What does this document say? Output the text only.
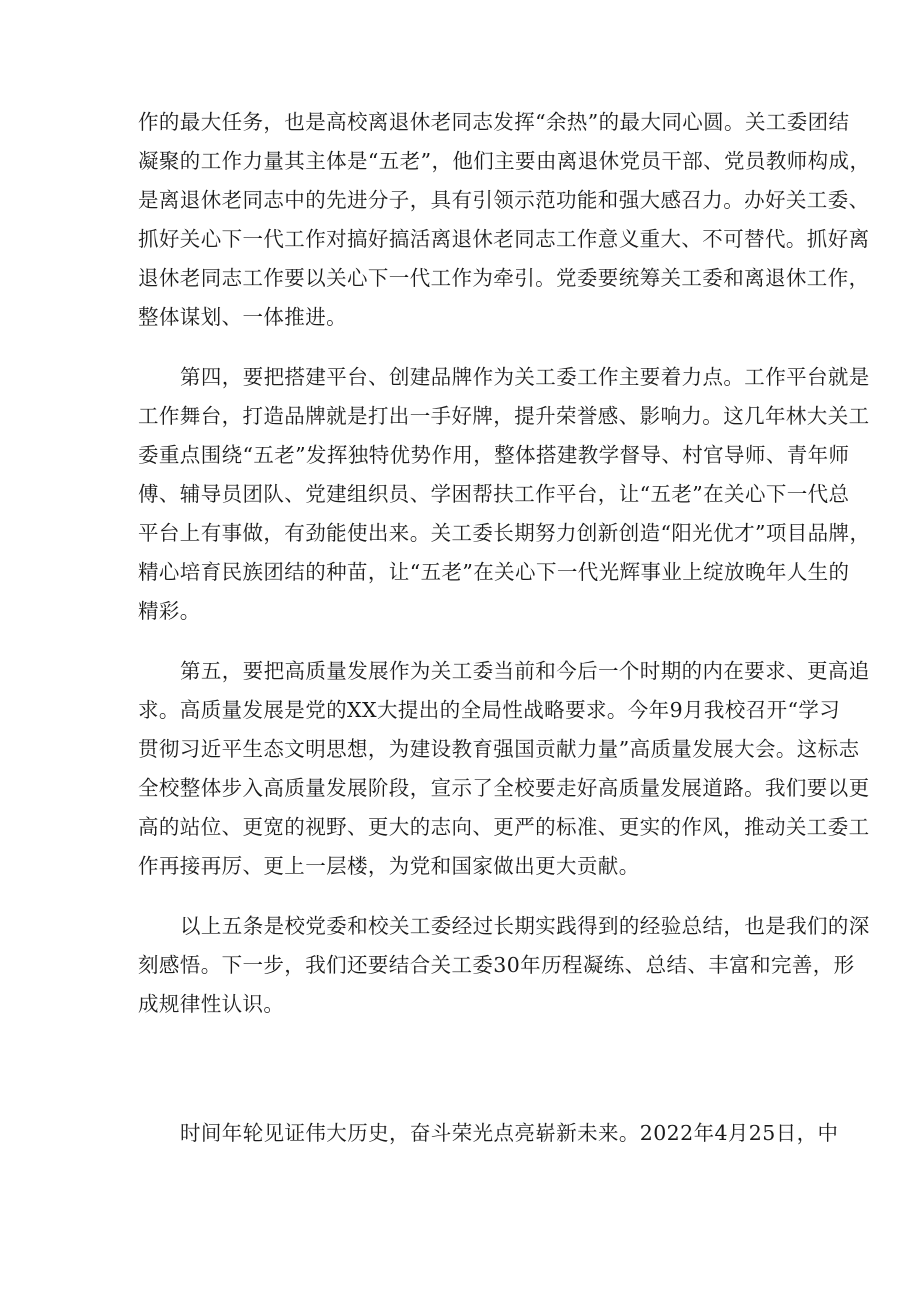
作的最大任务，也是高校离退休老同志发挥“余热”的最大同心圆。关工委团结
凝聚的工作力量其主体是“五老”，他们主要由离退休党员干部、党员教师构成，
是离退休老同志中的先进分子，具有引领示范功能和强大感召力。办好关工委、
抓好关心下一代工作对搞好搞活离退休老同志工作意义重大、不可替代。抓好离
退休老同志工作要以关心下一代工作为牵引。党委要统筹关工委和离退休工作，
整体谋划、一体推进。
第四，要把搭建平台、创建品牌作为关工委工作主要着力点。工作平台就是
工作舞台，打造品牌就是打出一手好牌，提升荣誉感、影响力。这几年林大关工
委重点围绕“五老”发挥独特优势作用，整体搭建教学督导、村官导师、青年师
傅、辅导员团队、党建组织员、学困帮扶工作平台，让“五老”在关心下一代总
平台上有事做，有劲能使出来。关工委长期努力创新创造“阳光优才”项目品牌，
精心培育民族团结的种苗，让“五老”在关心下一代光辉事业上绽放晚年人生的
精彩。
第五，要把高质量发展作为关工委当前和今后一个时期的内在要求、更高追
求。高质量发展是党的XX大提出的全局性战略要求。今年9月我校召开“学习
贯彻习近平生态文明思想，为建设教育强国贡献力量”高质量发展大会。这标志
全校整体步入高质量发展阶段，宣示了全校要走好高质量发展道路。我们要以更
高的站位、更宽的视野、更大的志向、更严的标准、更实的作风，推动关工委工
作再接再厉、更上一层楼，为党和国家做出更大贡献。
以上五条是校党委和校关工委经过长期实践得到的经验总结，也是我们的深
刻感悟。下一步，我们还要结合关工委30年历程凝练、总结、丰富和完善，形
成规律性认识。
时间年轮见证伟大历史，奋斗荣光点亮崭新未来。2022年4月25日，中
